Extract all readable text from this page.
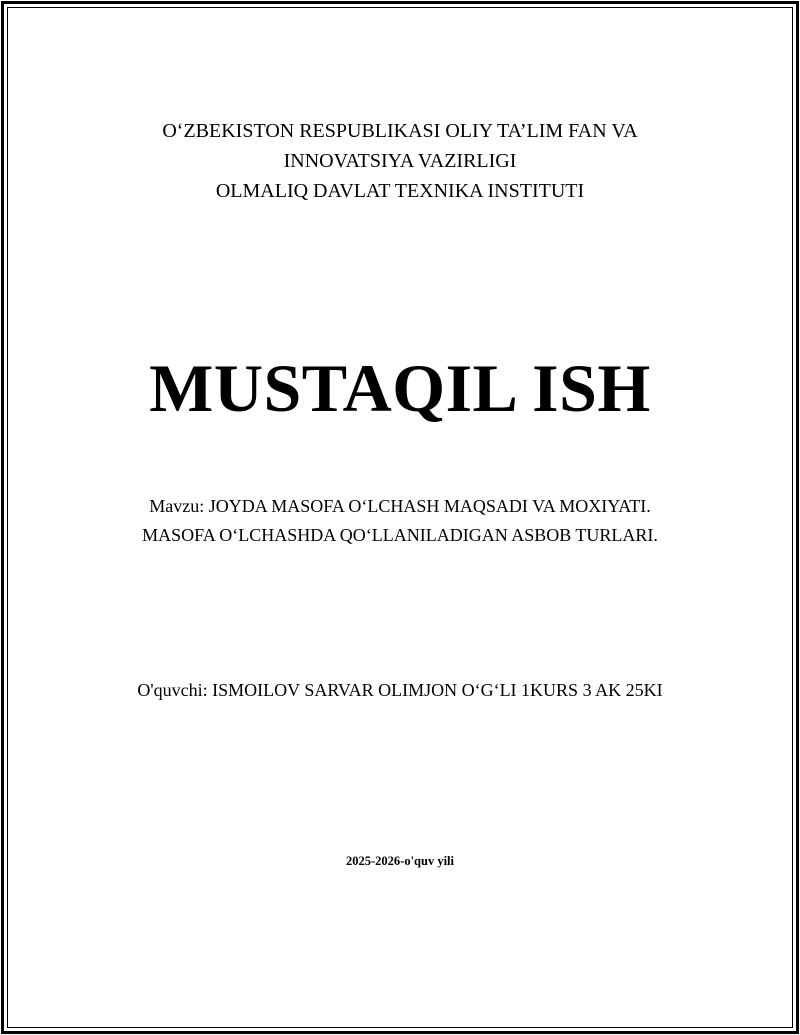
OʻZBEKISTON RESPUBLIKASI OLIY TA’LIM FAN VA
INNOVATSIYA VAZIRLIGI
OLMALIQ DAVLAT TEXNIKA INSTITUTI
MUSTAQIL ISH
Mavzu: JOYDA MASOFA OʻLCHASH MAQSADI VA MOXIYATI.
MASOFA OʻLCHASHDA QOʻLLANILADIGAN ASBOB TURLARI.
O'quvchi: ISMOILOV SARVAR OLIMJON OʻGʻLI 1KURS 3 AK 25KI
2025-2026-o'quv yili
